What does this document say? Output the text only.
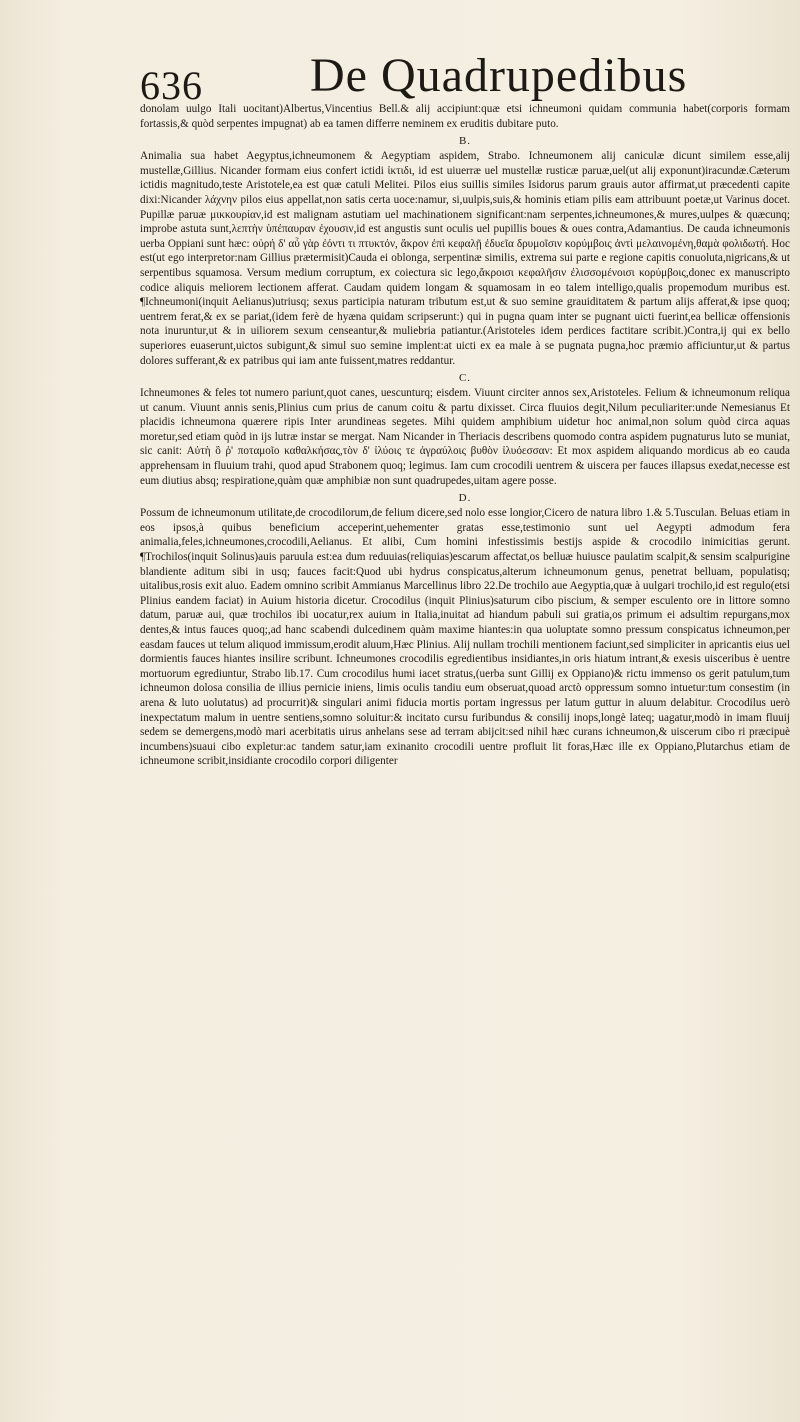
636 De Quadrupedibus

donolam uulgo Itali uocitant)Albertus,Vincentius Bell.& alij accipiunt:quæ etsi ichneumoni quidam communia habet(corporis formam fortassis,& quòd serpentes impugnat) ab ea tamen differre neminem ex eruditis dubitare puto.

B.

Animalia sua habet Aegyptus,ichneumonem & Aegyptiam aspidem, Strabo. Ichneumonem alij caniculæ dicunt similem esse,alij mustellæ,Gillius. Nicander formam eius confert ictidi ἰκτιδι, id est uiuerræ uel mustellæ rusticæ paruæ,uel(ut alij exponunt)iracundæ.Cæterum ictidis magnitudo,teste Aristotele,ea est quæ catuli Melitei. Pilos eius suillis similes Isidorus parum grauis autor affirmat,ut præcedenti capite dixi:Nicander λάχνην pilos eius appellat,non satis certa uoce:namur, si,uulpis,suis,& hominis etiam pilis eam attribuunt poetæ,ut Varinus docet. Pupillæ paruæ μικκουρίαν,id est malignam astutiam uel machinationem significant:nam serpentes,ichneumones,& mures,uulpes & quæcunq; improbe astuta sunt,λεπτὴν ὑπέπαυραν ἐχουσιν,id est angustis sunt oculis uel pupillis boues & oues contra,Adamantius. De cauda ichneumonis uerba Oppiani sunt hæc: οὐρή δ' αὖ γὰρ ἐόντι τι πτυκτόν, ἄκρον ἐπὶ κεφαλῇ ἐδυεῖα δρυμοῖσιν κορύμβοις ἀντὶ μελαινομένη,θαμὰ φολιδωτή. Hoc est(ut ego interpretor:nam Gillius prætermisit)Cauda ei oblonga, serpentinæ similis, extrema sui parte e regione capitis conuoluta,nigricans,& ut serpentibus squamosa. Versum medium corruptum, ex coiectura sic lego,ἄκροισι κεφαλῆσιν ἐλισσομένοισι κορύμβοις,donec ex manuscripto codice aliquis meliorem lectionem afferat. Caudam quidem longam & squamosam in eo talem intelligo,qualis propemodum muribus est. ¶Ichneumoni(inquit Aelianus)utriusq; sexus participia naturam tributum est,ut & suo semine grauiditatem & partum alijs afferat,& ipse quoq; uentrem ferat,& ex se pariat,(idem ferè de hyæna quidam scripserunt:) qui in pugna quam inter se pugnant uicti fuerint,ea bellicæ offensionis nota inuruntur,ut & in uiliorem sexum censeantur,& muliebria patiantur.(Aristoteles idem perdices factitare scribit.)Contra,ij qui ex bello superiores euaserunt,uictos subigunt,& simul suo semine implent:at uicti ex ea male à se pugnata pugna,hoc præmio afficiuntur,ut & partus dolores sufferant,& ex patribus qui iam ante fuissent,matres reddantur.

C.

Ichneumones & feles tot numero pariunt,quot canes, uescunturq; eisdem. Viuunt circiter annos sex,Aristoteles. Felium & ichneumonum reliqua ut canum. Viuunt annis senis,Plinius cum prius de canum coitu & partu dixisset. Circa fluuios degit,Nilum peculiariter:unde Nemesianus Et placidis ichneumona quærere ripis Inter arundineas segetes. Mihi quidem amphibium uidetur hoc animal,non solum quòd circa aquas moretur,sed etiam quòd in ijs lutræ instar se mergat. Nam Nicander in Theriacis describens quomodo contra aspidem pugnaturus luto se muniat, sic canit: Αὐτὴ ὃ ῥ' ποταμοῖο καθαλκήσας,τὸν δ' ἰλύοις τε ἀγραύλοις βυθὸν ἰλυόεσσαν: Et mox aspidem aliquando mordicus ab eo cauda apprehensam in fluuium trahi, quod apud Strabonem quoq; legimus. Iam cum crocodili uentrem & uiscera per fauces illapsus exedat,necesse est eum diutius absq; respiratione,quàm quæ amphibiæ non sunt quadrupedes,uitam agere posse.

D.

Possum de ichneumonum utilitate,de crocodilorum,de felium dicere,sed nolo esse longior,Cicero de natura libro 1.& 5.Tusculan. Beluas etiam in eos ipsos,à quibus beneficium acceperint,uehementer gratas esse,testimonio sunt uel Aegypti admodum fera animalia,feles,ichneumones,crocodili,Aelianus. Et alibi, Cum homini infestissimis bestijs aspide & crocodilo inimicitias gerunt. ¶Trochilos(inquit Solinus)auis paruula est:ea dum reduuias(reliquias)escarum affectat,os belluæ huiusce paulatim scalpit,& sensim scalpurigine blandiente aditum sibi in usq; fauces facit:Quod ubi hydrus conspicatus,alterum ichneumonum genus, penetrat belluam, populatisq; uitalibus,rosis exit aluo. Eadem omnino scribit Ammianus Marcellinus libro 22.De trochilo aue Aegyptia,quæ à uulgari trochilo,id est regulo(etsi Plinius eandem faciat) in Auium historia dicetur. Crocodilus (inquit Plinius)saturum cibo piscium, & semper esculento ore in littore somno datum, paruæ aui, quæ trochilos ibi uocatur,rex auium in Italia,inuitat ad hiandum pabuli sui gratia,os primum ei adsultim repurgans,mox dentes,& intus fauces quoq;,ad hanc scabendi dulcedinem quàm maxime hiantes:in qua uoluptate somno pressum conspicatus ichneumon,per easdam fauces ut telum aliquod immissum,erodit aluum,Hæc Plinius. Alij nullam trochili mentionem faciunt,sed simpliciter in apricantis eius uel dormientis fauces hiantes insilire scribunt. Ichneumones crocodilis egredientibus insidiantes,in oris hiatum intrant,& exesis uisceribus è uentre mortuorum egrediuntur, Strabo lib.17. Cum crocodilus humi iacet stratus,(uerba sunt Gillij ex Oppiano)& rictu immenso os gerit patulum,tum ichneumon dolosa consilia de illius pernicie iniens, limis oculis tandiu eum obseruat,quoad arctò oppressum somno intuetur:tum consestim (in arena & luto uolutatus) ad procurrit)& singulari animi fiducia mortis portam ingressus per latum guttur in aluum delabitur. Crocodilus uerò inexpectatum malum in uentre sentiens,somno soluitur:& incitato cursu furibundus & consilij inops,longè lateq; uagatur,modò in imam fluuij sedem se demergens,modò mari acerbitatis uirus anhelans sese ad terram abijcit:sed nihil hæc curans ichneumon,& uiscerum cibo ri præcipuè incumbens)suaui cibo expletur:ac tandem satur,iam exinanito crocodili uentre profluit lit foras,Hæc ille ex Oppiano,Plutarchus etiam de ichneumone scribit,insidiante crocodilo corpori diligenter
